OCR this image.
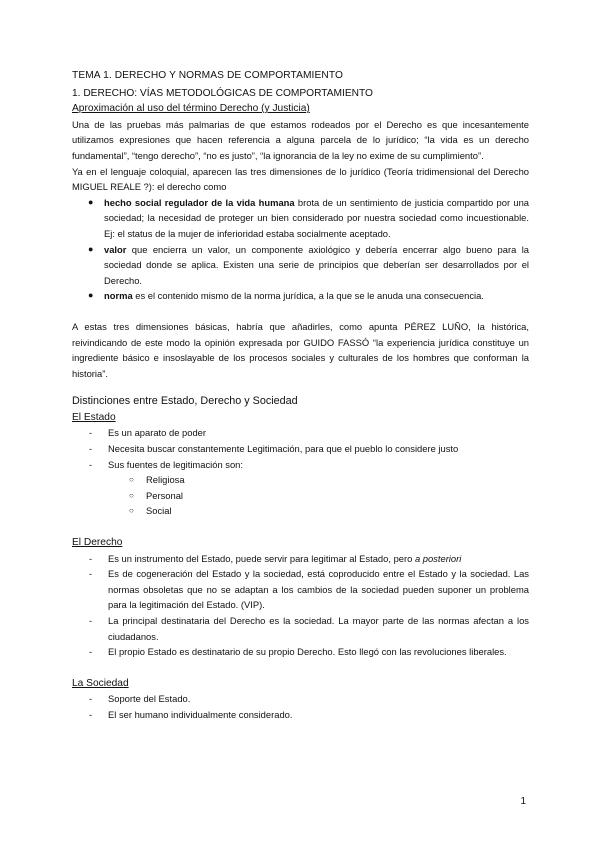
TEMA 1. DERECHO Y NORMAS DE COMPORTAMIENTO
1. DERECHO: VÍAS METODOLÓGICAS DE COMPORTAMIENTO
Aproximación al uso del término Derecho (y Justicia)

Una de las pruebas más palmarias de que estamos rodeados por el Derecho es que incesantemente utilizamos expresiones que hacen referencia a alguna parcela de lo jurídico; “la vida es un derecho fundamental”, “tengo derecho”, “no es justo”, “la ignorancia de la ley no exime de su cumplimiento”.

Ya en el lenguaje coloquial, aparecen las tres dimensiones de lo jurídico (Teoría tridimensional del Derecho MIGUEL REALE ?): el derecho como

● hecho social regulador de la vida humana brota de un sentimiento de justicia compartido por una sociedad; la necesidad de proteger un bien considerado por nuestra sociedad como incuestionable. Ej: el status de la mujer de inferioridad estaba socialmente aceptado.
● valor que encierra un valor, un componente axiológico y debería encerrar algo bueno para la sociedad donde se aplica. Existen una serie de principios que deberían ser desarrollados por el Derecho.
● norma es el contenido mismo de la norma jurídica, a la que se le anuda una consecuencia.

A estas tres dimensiones básicas, habría que añadirles, como apunta PÉREZ LUÑO, la histórica, reivindicando de este modo la opinión expresada por GUIDO FASSÓ “la experiencia jurídica constituye un ingrediente básico e insoslayable de los procesos sociales y culturales de los hombres que conforman la historia”.

Distinciones entre Estado, Derecho y Sociedad
El Estado
- Es un aparato de poder
- Necesita buscar constantemente Legitimación, para que el pueblo lo considere justo
- Sus fuentes de legitimación son:
○ Religiosa
○ Personal
○ Social
El Derecho
- Es un instrumento del Estado, puede servir para legitimar al Estado, pero a posteriori
- Es de cogeneración del Estado y la sociedad, está coproducido entre el Estado y la sociedad. Las normas obsoletas que no se adaptan a los cambios de la sociedad pueden suponer un problema para la legitimación del Estado. (VIP).
- La principal destinataria del Derecho es la sociedad. La mayor parte de las normas afectan a los ciudadanos.
- El propio Estado es destinatario de su propio Derecho. Esto llegó con las revoluciones liberales.
La Sociedad
- Soporte del Estado.
- El ser humano individualmente considerado.
1
